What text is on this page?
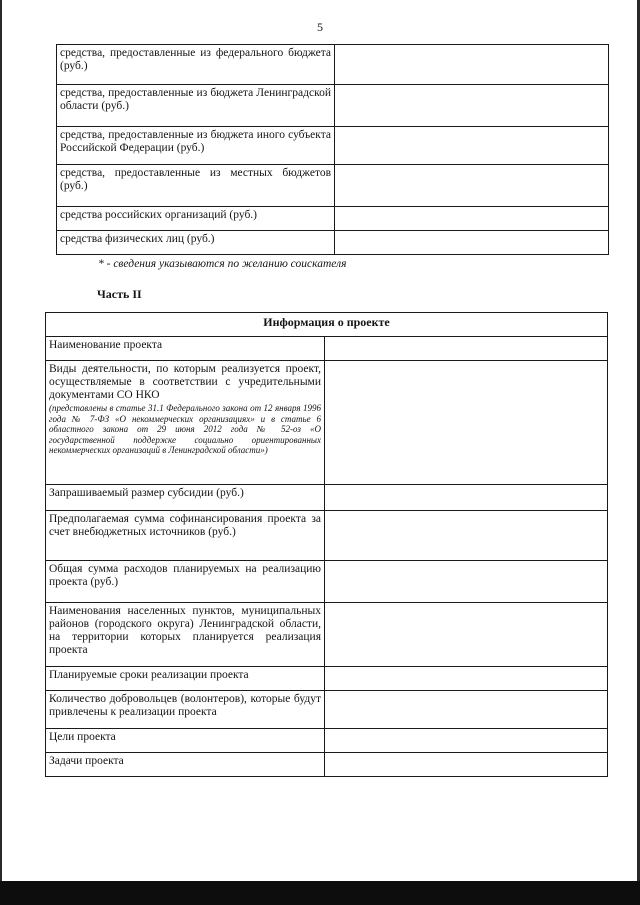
5
средства, предоставленные из федерального бюджета (руб.)	
средства, предоставленные из бюджета Ленинградской области (руб.)	
средства, предоставленные из бюджета иного субъекта Российской Федерации (руб.)	
средства, предоставленные из местных бюджетов (руб.)	
средства российских организаций (руб.)	
средства физических лиц (руб.)	
* - сведения указываются по желанию соискателя
Часть II
Информация о проекте	
Наименование проекта	
Виды деятельности, по которым реализуется проект, осуществляемые в соответствии с учредительными документами СО НКО
(представлены в статье 31.1 Федерального закона от 12 января 1996 года № 7-ФЗ «О некоммерческих организациях» и в статье 6 областного закона от 29 июня 2012 года № 52-оз «О государственной поддержке социально ориентированных некоммерческих организаций в Ленинградской области»)	

Запрашиваемый размер субсидии (руб.)	
Предполагаемая сумма софинансирования проекта за счет внебюджетных источников (руб.)	
Общая сумма расходов планируемых на реализацию проекта (руб.)	
Наименования населенных пунктов, муниципальных районов (городского округа) Ленинградской области, на территории которых планируется реализация проекта	
Планируемые сроки реализации проекта	
Количество добровольцев (волонтеров), которые будут привлечены к реализации проекта	
Цели проекта	
Задачи проекта	
